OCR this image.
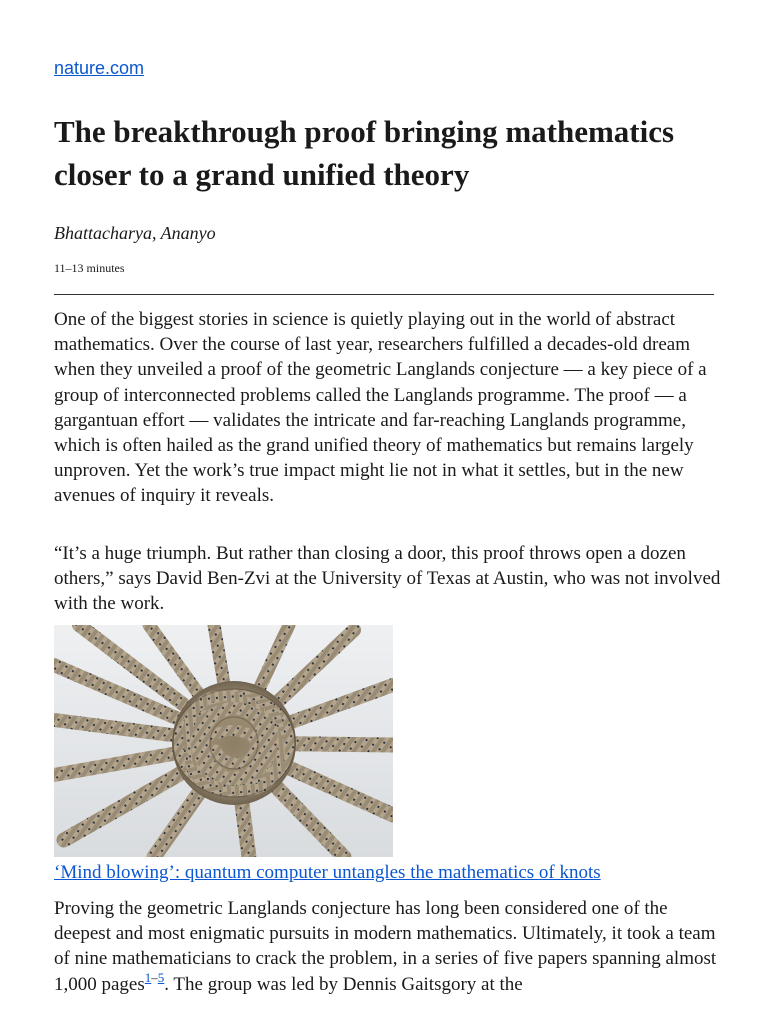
nature.com
The breakthrough proof bringing mathematics closer to a grand unified theory
Bhattacharya, Ananyo
11–13 minutes

One of the biggest stories in science is quietly playing out in the world of abstract mathematics. Over the course of last year, researchers fulfilled a decades-old dream when they unveiled a proof of the geometric Langlands conjecture — a key piece of a group of interconnected problems called the Langlands programme. The proof — a gargantuan effort — validates the intricate and far-reaching Langlands programme, which is often hailed as the grand unified theory of mathematics but remains largely unproven. Yet the work’s true impact might lie not in what it settles, but in the new avenues of inquiry it reveals.

“It’s a huge triumph. But rather than closing a door, this proof throws open a dozen others,” says David Ben-Zvi at the University of Texas at Austin, who was not involved with the work.

‘Mind blowing’: quantum computer untangles the mathematics of knots

Proving the geometric Langlands conjecture has long been considered one of the deepest and most enigmatic pursuits in modern mathematics. Ultimately, it took a team of nine mathematicians to crack the problem, in a series of five papers spanning almost 1,000 pages$^{1-5}$. The group was led by Dennis Gaitsgory at the
